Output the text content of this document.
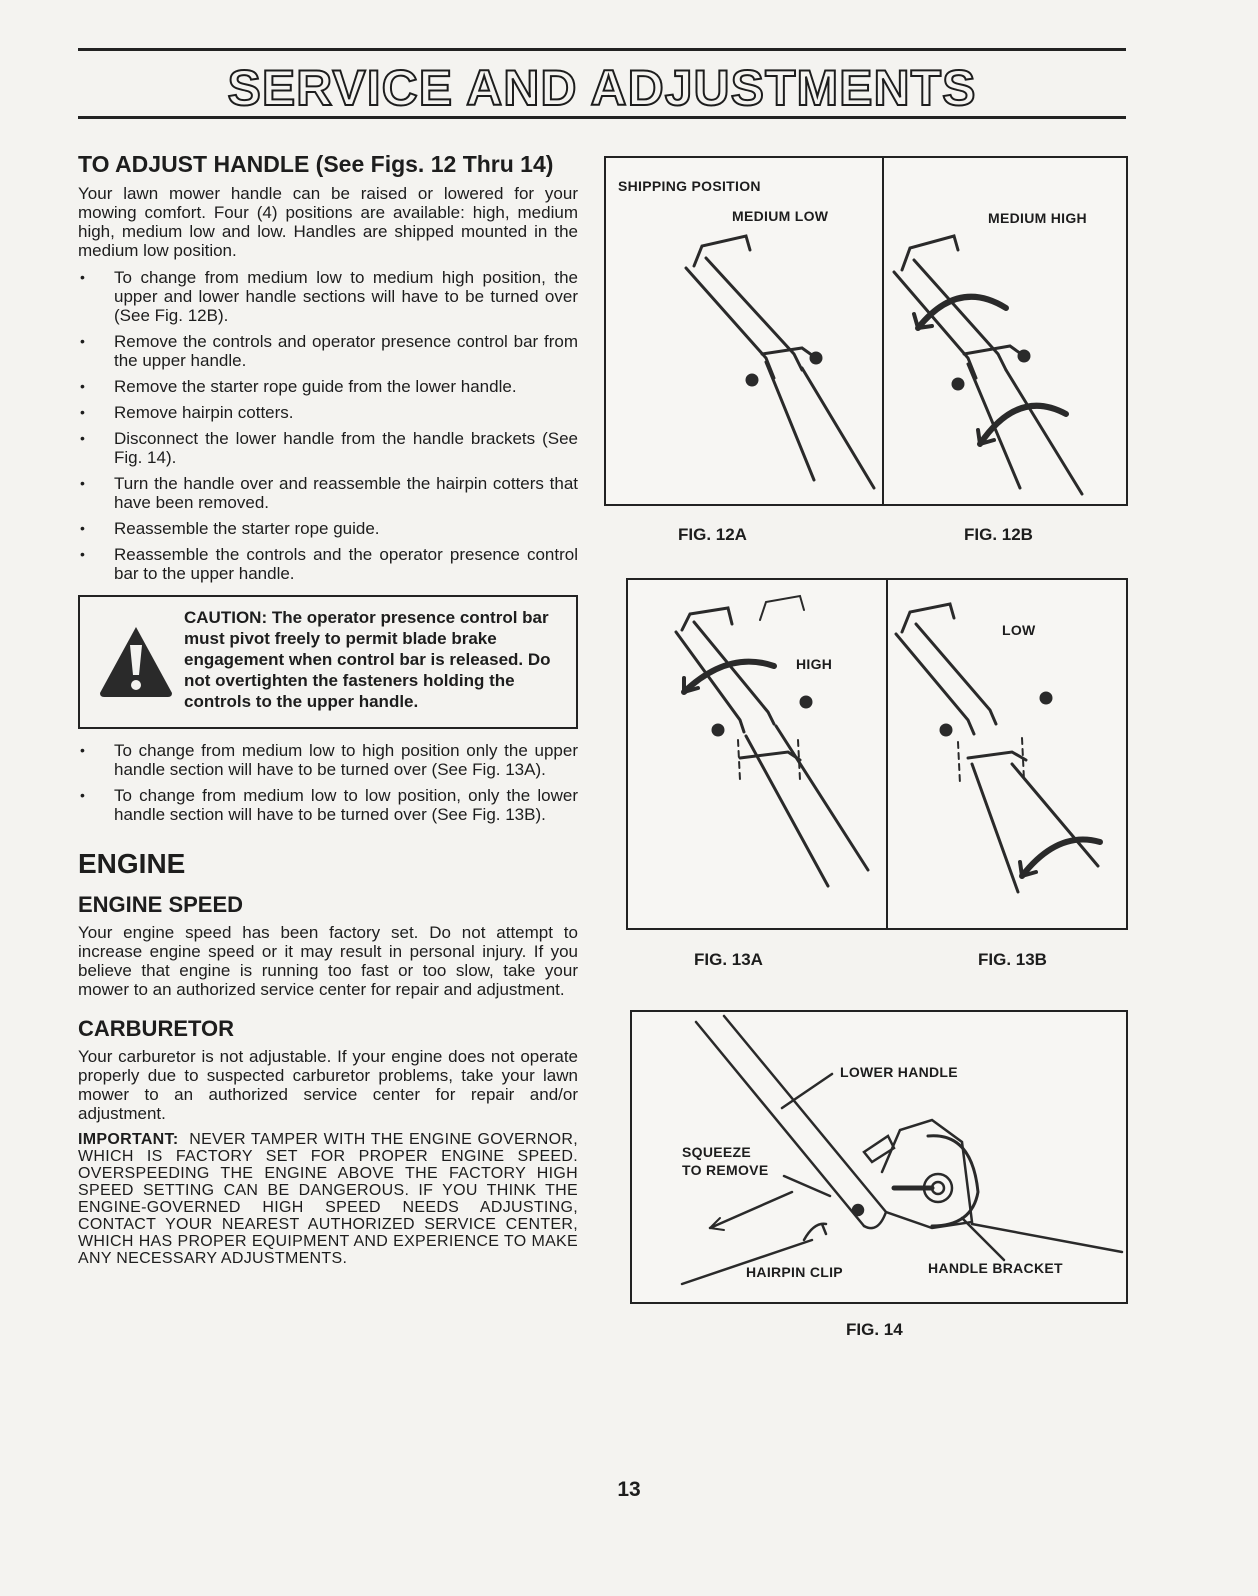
SERVICE AND ADJUSTMENTS
TO ADJUST HANDLE (See Figs. 12 Thru 14)

Your lawn mower handle can be raised or lowered for your mowing comfort. Four (4) positions are available: high, medium high, medium low and low. Handles are shipped mounted in the medium low position.

• To change from medium low to medium high position, the upper and lower handle sections will have to be turned over (See Fig. 12B).
• Remove the controls and operator presence control bar from the upper handle.
• Remove the starter rope guide from the lower handle.
• Remove hairpin cotters.
• Disconnect the lower handle from the handle brackets (See Fig. 14).
• Turn the handle over and reassemble the hairpin cotters that have been removed.
• Reassemble the starter rope guide.
• Reassemble the controls and the operator presence control bar to the upper handle.

CAUTION: The operator presence control bar must pivot freely to permit blade brake engagement when control bar is released. Do not overtighten the fasteners holding the controls to the upper handle.

• To change from medium low to high position only the upper handle section will have to be turned over (See Fig. 13A).
• To change from medium low to low position, only the lower handle section will have to be turned over (See Fig. 13B).
ENGINE
ENGINE SPEED

Your engine speed has been factory set. Do not attempt to increase engine speed or it may result in personal injury. If you believe that engine is running too fast or too slow, take your mower to an authorized service center for repair and adjustment.

CARBURETOR

Your carburetor is not adjustable. If your engine does not operate properly due to suspected carburetor problems, take your lawn mower to an authorized service center for repair and/or adjustment.

IMPORTANT: NEVER TAMPER WITH THE ENGINE GOVERNOR, WHICH IS FACTORY SET FOR PROPER ENGINE SPEED. OVERSPEEDING THE ENGINE ABOVE THE FACTORY HIGH SPEED SETTING CAN BE DANGEROUS. IF YOU THINK THE ENGINE-GOVERNED HIGH SPEED NEEDS ADJUSTING, CONTACT YOUR NEAREST AUTHORIZED SERVICE CENTER, WHICH HAS PROPER EQUIPMENT AND EXPERIENCE TO MAKE ANY NECESSARY ADJUSTMENTS.

SHIPPING POSITION
MEDIUM LOW	MEDIUM HIGH
FIG. 12A	FIG. 12B
HIGH
LOW
FIG. 13A	FIG. 13B
LOWER HANDLE
SQUEEZE
TO REMOVE
HAIRPIN CLIP	HANDLE BRACKET
FIG. 14
13
